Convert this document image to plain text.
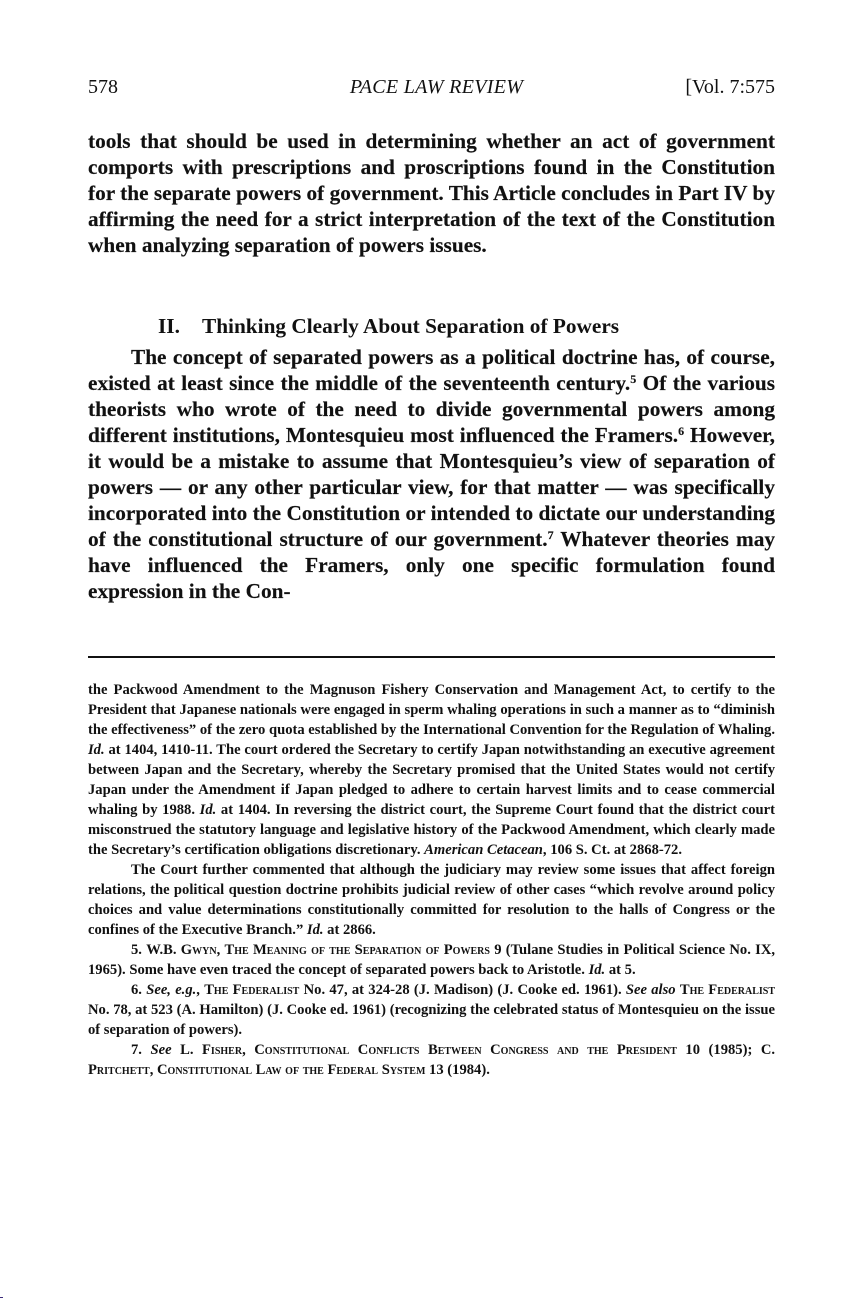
578	PACE LAW REVIEW	[Vol. 7:575

tools that should be used in determining whether an act of government comports with prescriptions and proscriptions found in the Constitution for the separate powers of government. This Article concludes in Part IV by affirming the need for a strict interpretation of the text of the Constitution when analyzing separation of powers issues.

II. Thinking Clearly About Separation of Powers

The concept of separated powers as a political doctrine has, of course, existed at least since the middle of the seventeenth century.$^5$ Of the various theorists who wrote of the need to divide governmental powers among different institutions, Montesquieu most influenced the Framers.$^6$ However, it would be a mistake to assume that Montesquieu’s view of separation of powers — or any other particular view, for that matter — was specifically incorporated into the Constitution or intended to dictate our understanding of the constitutional structure of our government.$^7$ Whatever theories may have influenced the Framers, only one specific formulation found expression in the Con-

the Packwood Amendment to the Magnuson Fishery Conservation and Management Act, to certify to the President that Japanese nationals were engaged in sperm whaling operations in such a manner as to “diminish the effectiveness” of the zero quota established by the International Convention for the Regulation of Whaling. Id. at 1404, 1410-11. The court ordered the Secretary to certify Japan notwithstanding an executive agreement between Japan and the Secretary, whereby the Secretary promised that the United States would not certify Japan under the Amendment if Japan pledged to adhere to certain harvest limits and to cease commercial whaling by 1988. Id. at 1404. In reversing the district court, the Supreme Court found that the district court misconstrued the statutory language and legislative history of the Packwood Amendment, which clearly made the Secretary’s certification obligations discretionary. American Cetacean, 106 S. Ct. at 2868-72.

The Court further commented that although the judiciary may review some issues that affect foreign relations, the political question doctrine prohibits judicial review of other cases “which revolve around policy choices and value determinations constitutionally committed for resolution to the halls of Congress or the confines of the Executive Branch.” Id. at 2866.

5. W.B. Gwyn, The Meaning of the Separation of Powers 9 (Tulane Studies in Political Science No. IX, 1965). Some have even traced the concept of separated powers back to Aristotle. Id. at 5.

6. See, e.g., The Federalist No. 47, at 324-28 (J. Madison) (J. Cooke ed. 1961). See also The Federalist No. 78, at 523 (A. Hamilton) (J. Cooke ed. 1961) (recognizing the celebrated status of Montesquieu on the issue of separation of powers).

7. See L. Fisher, Constitutional Conflicts Between Congress and the President 10 (1985); C. Pritchett, Constitutional Law of the Federal System 13 (1984).
